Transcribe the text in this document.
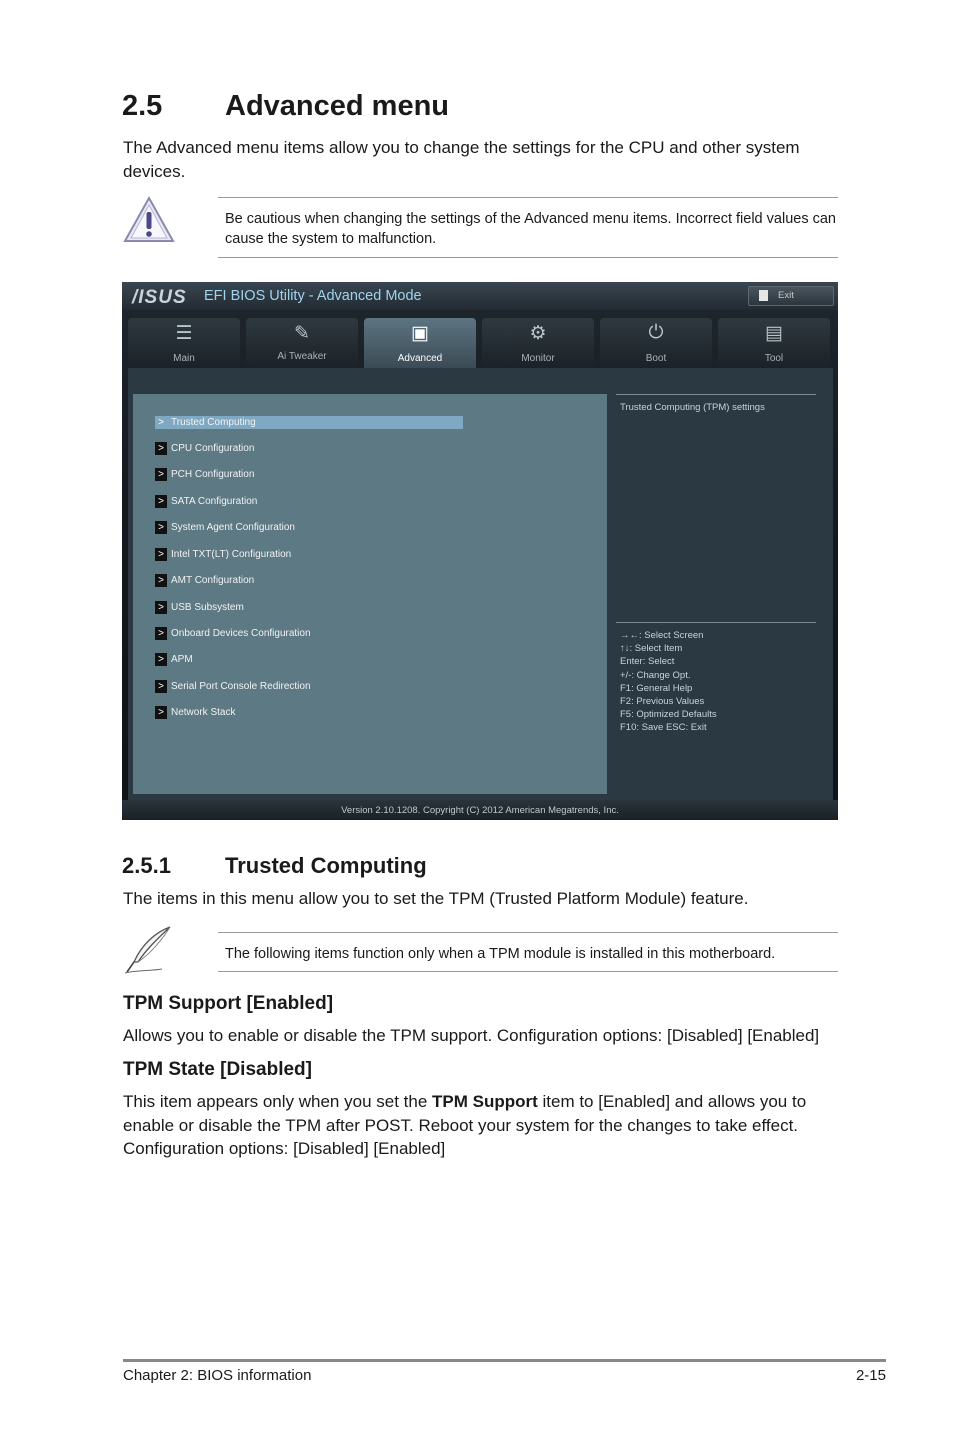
2.5 Advanced menu

The Advanced menu items allow you to change the settings for the CPU and other system devices.

Be cautious when changing the settings of the Advanced menu items. Incorrect field values can cause the system to malfunction.
/ISUS EFI BIOS Utility - Advanced Mode	Exit
☰
Main
✎
Ai Tweaker
▣
Advanced
⚙
Monitor
⏻
Boot
▤
Tool
> Trusted Computing
> CPU Configuration
> PCH Configuration
> SATA Configuration
> System Agent Configuration
> Intel TXT(LT) Configuration
> AMT Configuration
> USB Subsystem
> Onboard Devices Configuration
> APM
> Serial Port Console Redirection
> Network Stack
Trusted Computing (TPM) settings
→←: Select Screen
↑↓: Select Item
Enter: Select
+/-: Change Opt.
F1: General Help
F2: Previous Values
F5: Optimized Defaults
F10: Save ESC: Exit
Version 2.10.1208. Copyright (C) 2012 American Megatrends, Inc.
2.5.1 Trusted Computing

The items in this menu allow you to set the TPM (Trusted Platform Module) feature.

The following items function only when a TPM module is installed in this motherboard.
TPM Support [Enabled]

Allows you to enable or disable the TPM support. Configuration options: [Disabled] [Enabled]

TPM State [Disabled]

This item appears only when you set the TPM Support item to [Enabled] and allows you to enable or disable the TPM after POST. Reboot your system for the changes to take effect. Configuration options: [Disabled] [Enabled]

Chapter 2: BIOS information	2-15
